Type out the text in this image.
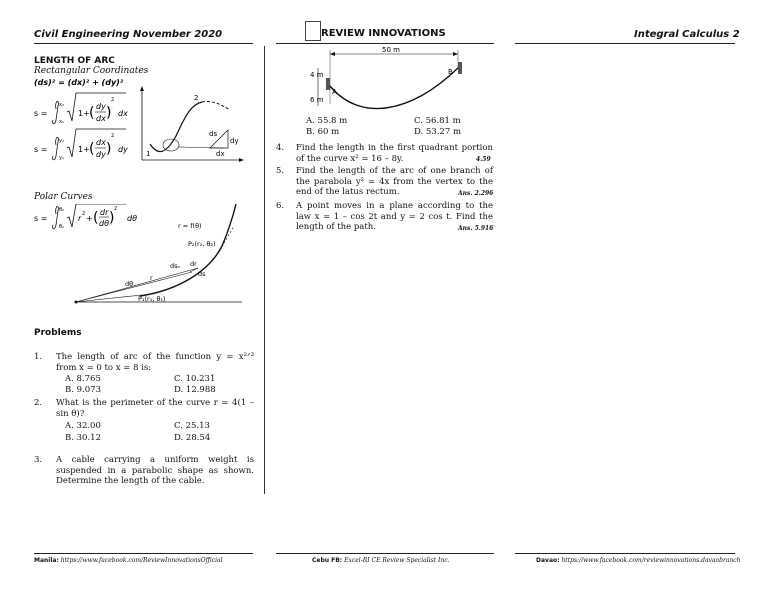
Civil Engineering November 2020	REVIEW INNOVATIONS	Integral Calculus 2
LENGTH OF ARC
Rectangular Coordinates
(ds)² = (dx)² + (dy)²
s =
x₂
x₁
1+ ( dy
dx )
2
dx
s =
y₂
y₁
1+ ( dx
dy )
2
dy	1
2
ds
dy
dx
Polar Curves
s =
θ₂
θ₁
r 2 + ( dr
dθ )
2
dθ
r = f(θ)
P₂(r₂, θ₂)
dθ
dr
ds
dsₙ
r
P₁(r₁, θ₁)
Problems
1. The length of arc of the function y = x²ᐟ³ from x = 0 to x = 8 is:
A. 8.765	C. 10.231
B. 9.073	D. 12.988
2. What is the perimeter of the curve r = 4(1 – sin θ)?
A. 32.00	C. 25.13
B. 30.12	D. 28.54
3. A cable carrying a uniform weight is suspended in a parabolic shape as shown. Determine the length of the cable.
50 m
4 m
6 m
A
B
A. 55.8 m	C. 56.81 m
B. 60 m	D. 53.27 m
4. Find the length in the first quadrant portion of the curve x² = 16 – 8y.	4.59
5. Find the length of the arc of one branch of the parabola y² = 4x from the vertex to the end of the latus rectum.	Ans. 2.296
6. A point moves in a plane according to the law x = 1 – cos 2t and y = 2 cos t. Find the length of the path.	Ans. 5.916
Manila: https://www.facebook.com/ReviewInnovationsOfficial	Cebu FB: Excel-RI CE Review Specialist Inc.	Davao: https://www.facebook.com/reviewinnovations.davaobranch
